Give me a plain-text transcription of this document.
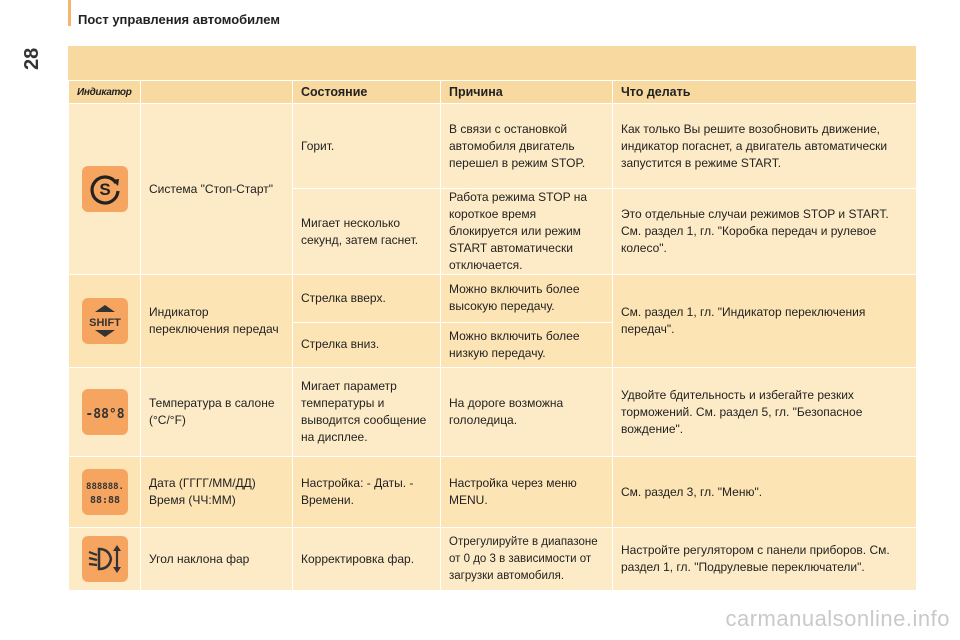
Пост управления автомобилем
28
Индикатор		Состояние	Причина	Что делать

S	Система "Стоп-Старт"	Горит.	В связи с остановкой автомобиля двигатель перешел в режим STOP.	Как только Вы решите возобновить движение, индикатор погаснет, а двигатель автоматически запустится в режиме START.
		Мигает несколько секунд, затем гаснет.	Работа режима STOP на короткое время блокируется или режим START автоматически отключается.	Это отдельные случаи режимов STOP и START. См. раздел 1, гл. "Коробка передач и рулевое колесо".

SHIFT	Индикатор переключения передач	Стрелка вверх.	Можно включить более высокую передачу.	См. раздел 1, гл. "Индикатор переключения передач".
		Стрелка вниз.	Можно включить более низкую передачу.	

-88°8	Температура в салоне (°C/°F)	Мигает параметр температуры и выводится сообщение на дисплее.	На дороге возможна гололедица.	Удвойте бдительность и избегайте резких торможений. См. раздел 5, гл. "Безопасное вождение".

888888.
88:88	Дата (ГГГГ/ММ/ДД) Время (ЧЧ:ММ)	Настройка: - Даты. - Времени.	Настройка через меню MENU.	См. раздел 3, гл. "Меню".

	Угол наклона фар	Корректировка фар.	Отрегулируйте в диапазоне от 0 до 3 в зависимости от загрузки автомобиля.	Настройте регулятором с панели приборов. См. раздел 1, гл. "Подрулевые переключатели".
carmanualsonline.info
